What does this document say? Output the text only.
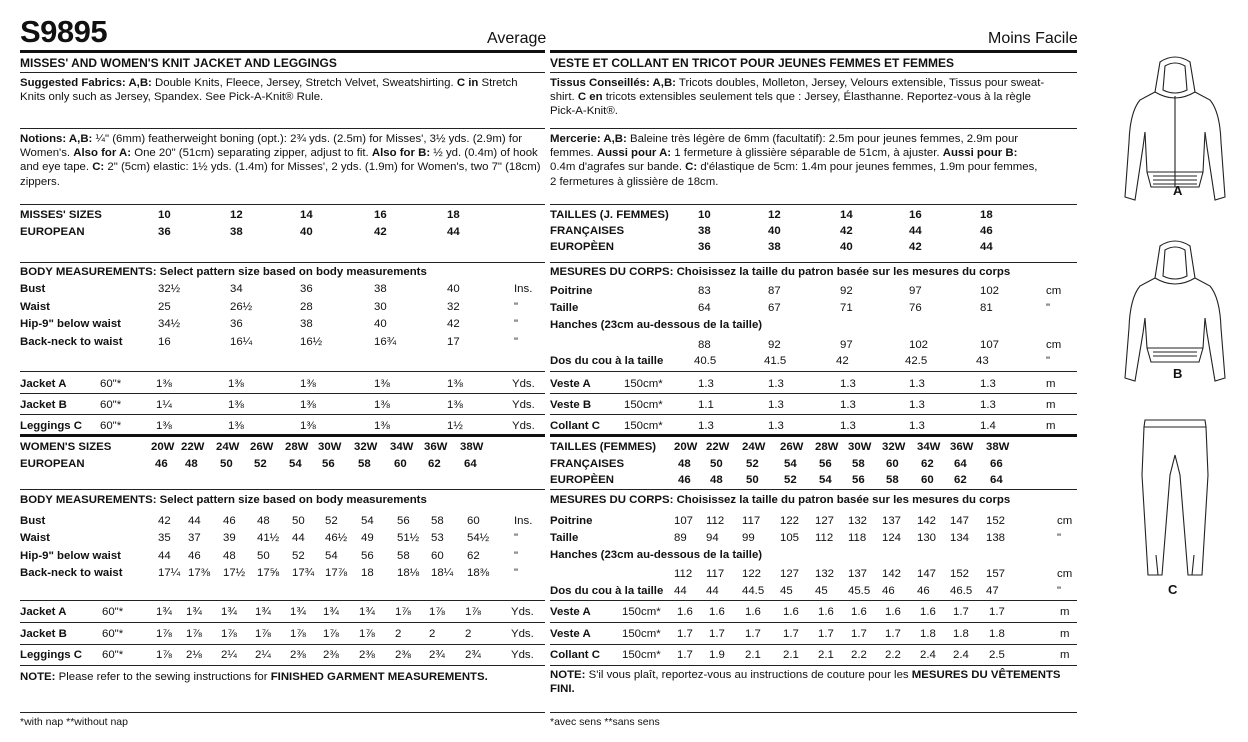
S9895	Average	Moins Facile
MISSES' AND WOMEN'S KNIT JACKET AND LEGGINGS
Suggested Fabrics: A,B: Double Knits, Fleece, Jersey, Stretch Velvet, Sweatshirting. C in Stretch Knits only such as Jersey, Spandex. See Pick-A-Knit® Rule.
Notions: A,B: ¼" (6mm) featherweight boning (opt.): 2¾ yds. (2.5m) for Misses', 3½ yds. (2.9m) for Women's. Also for A: One 20" (51cm) separating zipper, adjust to fit. Also for B: ½ yd. (0.4m) of hook and eye tape. C: 2" (5cm) elastic: 1½ yds. (1.4m) for Misses', 2 yds. (1.9m) for Women's, two 7" (18cm) zippers.
MISSES' SIZES	10	12	14	16	18
EUROPEAN	36	38	40	42	44
BODY MEASUREMENTS: Select pattern size based on body measurements
Bust	32½	34	36	38	40	Ins.
Waist	25	26½	28	30	32	"
Hip-9" below waist	34½	36	38	40	42	"
Back-neck to waist	16	16¼	16½	16¾	17	"
Jacket A	60"*	1⅜	1⅜	1⅜	1⅜	1⅜	Yds.
Jacket B	60"*	1¼	1⅜	1⅜	1⅜	1⅜	Yds.
Leggings C 60"*	1⅜	1⅜	1⅜	1⅜	1½	Yds.
WOMEN'S SIZES	20W 22W 24W 26W 28W 30W 32W 34W 36W 38W
EUROPEAN	46 48 50 52 54 56 58 60 62 64
BODY MEASUREMENTS: Select pattern size based on body measurements
Bust	42 44 46 48 50 52 54 56 58 60	Ins.
Waist	35 37 39 41½ 44 46½ 49 51½ 53 54½ "
Hip-9" below waist	44 46 48 50 52 54 56 58 60 62	"
Back-neck to waist	17¼ 17⅜ 17½ 17⅝ 17¾ 17⅞ 18 18⅛ 18¼ 18⅜ "
Jacket A	60"*	1¾ 1¾ 1¾ 1¾ 1¾ 1¾ 1¾ 1⅞ 1⅞ 1⅞	Yds.
Jacket B	60"*	1⅞ 1⅞ 1⅞ 1⅞ 1⅞ 1⅞ 1⅞ 2 2	2	Yds.
Leggings C 60"*	1⅞ 2⅛ 2¼ 2¼ 2⅜ 2⅜ 2⅜ 2⅜ 2¾ 2¾	Yds.
NOTE: Please refer to the sewing instructions for FINISHED GARMENT MEASUREMENTS.
*with nap **without nap
VESTE ET COLLANT EN TRICOT POUR JEUNES FEMMES ET FEMMES
Tissus Conseillés: A,B: Tricots doubles, Molleton, Jersey, Velours extensible, Tissus pour sweat-shirt. C en tricots extensibles seulement tels que : Jersey, Élasthanne. Reportez-vous à la règle Pick-A-Knit®.
Mercerie: A,B: Baleine très légère de 6mm (facultatif): 2.5m pour jeunes femmes, 2.9m pour femmes. Aussi pour A: 1 fermeture à glissière séparable de 51cm, à ajuster. Aussi pour B: 0.4m d'agrafes sur bande. C: d'élastique de 5cm: 1.4m pour jeunes femmes, 1.9m pour femmes, 2 fermetures à glissière de 18cm.
TAILLES (J. FEMMES)	10	12	14	16	18
FRANÇAISES	38	40	42	44	46
EUROPÈEN	36	38	40	42	44
MESURES DU CORPS: Choisissez la taille du patron basée sur les mesures du corps
Poitrine	83	87	92	97	102	cm
Taille	64	67	71	76	81	"
Hanches (23cm au-dessous de la taille)
88	92	97	102	107	cm
Dos du cou à la taille	40.5	41.5	42	42.5	43	"
Veste A	150cm*	1.3	1.3	1.3	1.3	1.3	m
Veste B	150cm*	1.1	1.3	1.3	1.3	1.3	m
Collant C 150cm*	1.3	1.3	1.3	1.3	1.4	m
TAILLES (FEMMES) 20W 22W 24W 26W 28W 30W 32W 34W 36W 38W
FRANÇAISES	48 50 52 54 56 58 60 62 64 66
EUROPÈEN	46 48 50 52 54 56 58 60 62 64
MESURES DU CORPS: Choisissez la taille du patron basée sur les mesures du corps
Poitrine	107 112 117 122 127 132 137 142 147 152	cm
Taille	89 94 99 105 112 118 124 130 134 138	"
Hanches (23cm au-dessous de la taille)
112 117 122 127 132 137 142 147 152 157	cm
Dos du cou à la taille 44 44 44.5 45 45 45.5 46 46 46.5 47	"
Veste A	150cm* 1.6 1.6 1.6 1.6 1.6 1.6 1.6 1.6 1.7 1.7	m
Veste A	150cm* 1.7 1.7 1.7 1.7 1.7 1.7 1.7 1.8 1.8 1.8	m
Collant C 150cm* 1.7 1.9 2.1 2.1 2.1 2.2 2.2 2.4 2.4 2.5	m
NOTE: S'il vous plaît, reportez-vous au instructions de couture pour les MESURES DU VÊTEMENTS FINI.
*avec sens **sans sens
A
B
C
